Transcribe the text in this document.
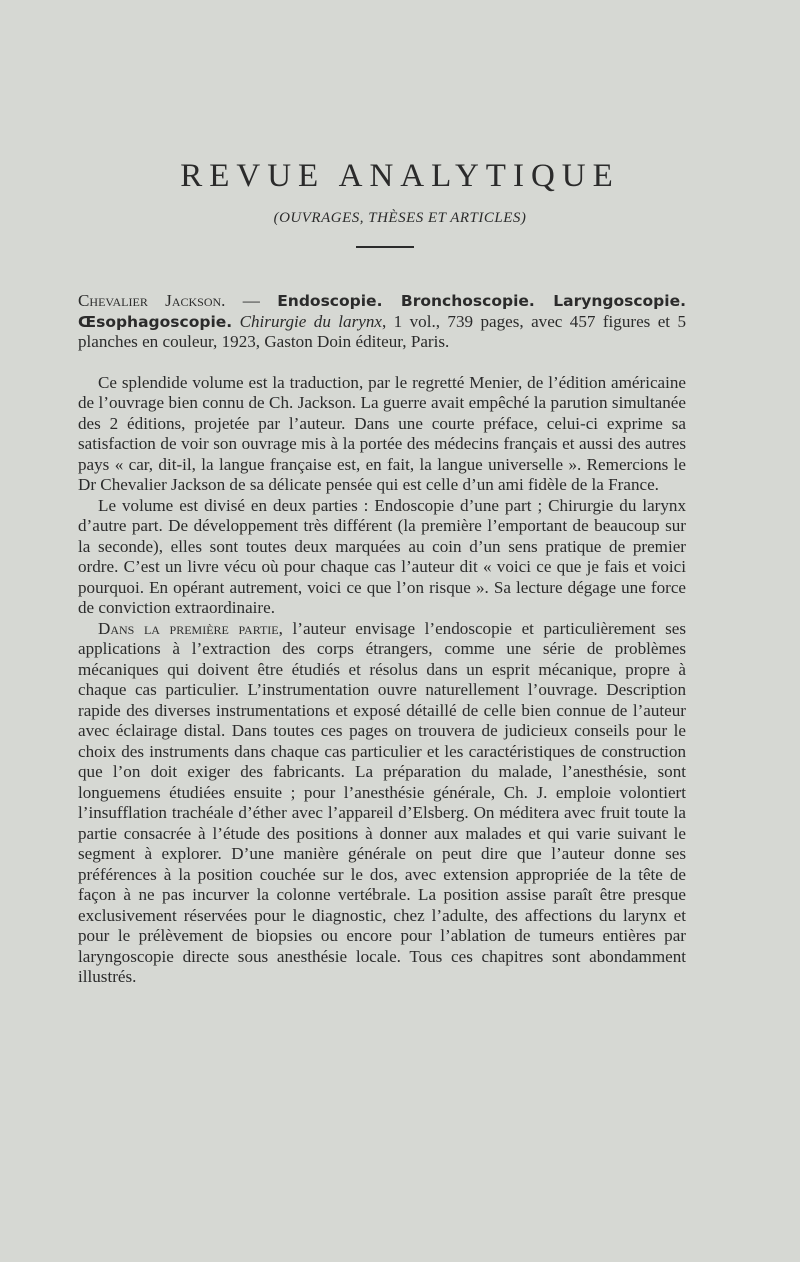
REVUE ANALYTIQUE
(OUVRAGES, THÈSES ET ARTICLES)

Chevalier Jackson. — Endoscopie. Bronchoscopie. Laryngoscopie. Œsophagoscopie. Chirurgie du larynx, 1 vol., 739 pages, avec 457 figures et 5 planches en couleur, 1923, Gaston Doin éditeur, Paris.

Ce splendide volume est la traduction, par le regretté Menier, de l’édition américaine de l’ouvrage bien connu de Ch. Jackson. La guerre avait empêché la parution simultanée des 2 éditions, projetée par l’auteur. Dans une courte préface, celui-ci exprime sa satisfaction de voir son ouvrage mis à la portée des médecins français et aussi des autres pays « car, dit-il, la langue française est, en fait, la langue universelle ». Remercions le Dr Chevalier Jackson de sa délicate pensée qui est celle d’un ami fidèle de la France.

Le volume est divisé en deux parties : Endoscopie d’une part ; Chirurgie du larynx d’autre part. De développement très différent (la première l’emportant de beaucoup sur la seconde), elles sont toutes deux marquées au coin d’un sens pratique de premier ordre. C’est un livre vécu où pour chaque cas l’auteur dit « voici ce que je fais et voici pourquoi. En opérant autrement, voici ce que l’on risque ». Sa lecture dégage une force de conviction extraordinaire.

Dans la première partie, l’auteur envisage l’endoscopie et particulièrement ses applications à l’extraction des corps étrangers, comme une série de problèmes mécaniques qui doivent être étudiés et résolus dans un esprit mécanique, propre à chaque cas particulier. L’instrumentation ouvre naturellement l’ouvrage. Description rapide des diverses instrumentations et exposé détaillé de celle bien connue de l’auteur avec éclairage distal. Dans toutes ces pages on trouvera de judicieux conseils pour le choix des instruments dans chaque cas particulier et les caractéristiques de construction que l’on doit exiger des fabricants. La préparation du malade, l’anesthésie, sont longuemens étudiées ensuite ; pour l’anesthésie générale, Ch. J. emploie volontiert l’insufflation trachéale d’éther avec l’appareil d’Elsberg. On méditera avec fruit toute la partie consacrée à l’étude des positions à donner aux malades et qui varie suivant le segment à explorer. D’une manière générale on peut dire que l’auteur donne ses préférences à la position couchée sur le dos, avec extension appropriée de la tête de façon à ne pas incurver la colonne vertébrale. La position assise paraît être presque exclusivement réservées pour le diagnostic, chez l’adulte, des affections du larynx et pour le prélèvement de biopsies ou encore pour l’ablation de tumeurs entières par laryngoscopie directe sous anesthésie locale. Tous ces chapitres sont abondamment illustrés.
